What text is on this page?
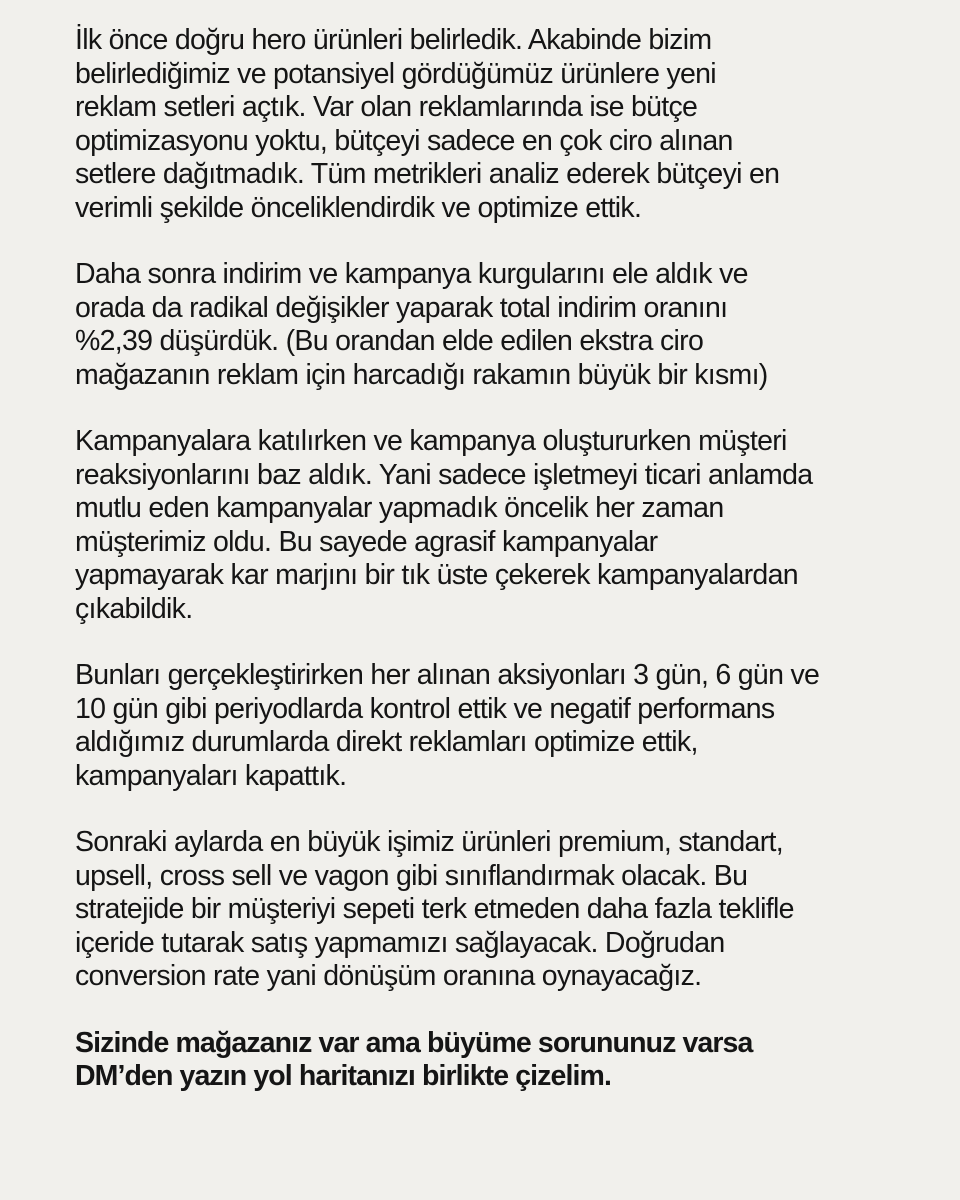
İlk önce doğru hero ürünleri belirledik. Akabinde bizim
belirlediğimiz ve potansiyel gördüğümüz ürünlere yeni
reklam setleri açtık. Var olan reklamlarında ise bütçe
optimizasyonu yoktu, bütçeyi sadece en çok ciro alınan
setlere dağıtmadık. Tüm metrikleri analiz ederek bütçeyi en
verimli şekilde önceliklendirdik ve optimize ettik.

Daha sonra indirim ve kampanya kurgularını ele aldık ve
orada da radikal değişikler yaparak total indirim oranını
%2,39 düşürdük. (Bu orandan elde edilen ekstra ciro
mağazanın reklam için harcadığı rakamın büyük bir kısmı)

Kampanyalara katılırken ve kampanya oluştururken müşteri
reaksiyonlarını baz aldık. Yani sadece işletmeyi ticari anlamda
mutlu eden kampanyalar yapmadık öncelik her zaman
müşterimiz oldu. Bu sayede agrasif kampanyalar
yapmayarak kar marjını bir tık üste çekerek kampanyalardan
çıkabildik.

Bunları gerçekleştirirken her alınan aksiyonları 3 gün, 6 gün ve
10 gün gibi periyodlarda kontrol ettik ve negatif performans
aldığımız durumlarda direkt reklamları optimize ettik,
kampanyaları kapattık.

Sonraki aylarda en büyük işimiz ürünleri premium, standart,
upsell, cross sell ve vagon gibi sınıflandırmak olacak. Bu
stratejide bir müşteriyi sepeti terk etmeden daha fazla teklifle
içeride tutarak satış yapmamızı sağlayacak. Doğrudan
conversion rate yani dönüşüm oranına oynayacağız.

Sizinde mağazanız var ama büyüme sorununuz varsa
DM’den yazın yol haritanızı birlikte çizelim.
